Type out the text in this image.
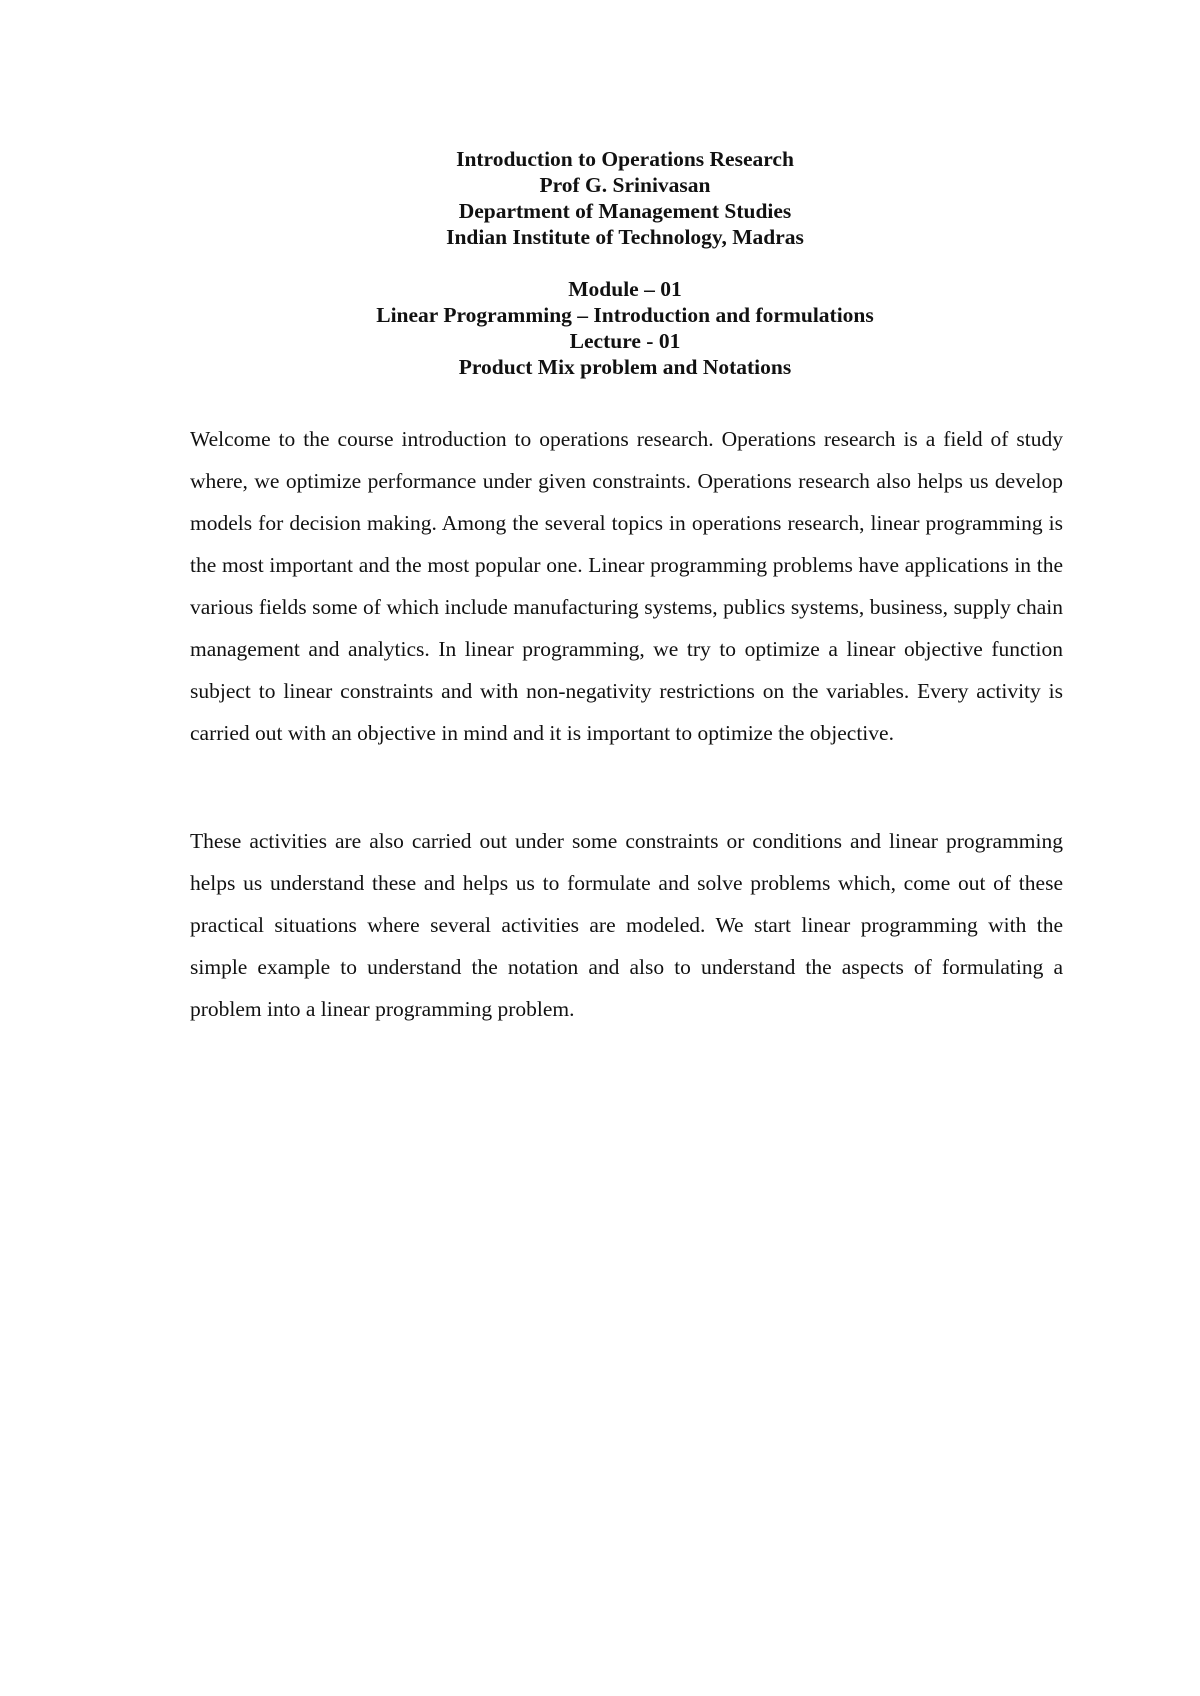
Introduction to Operations Research

Prof G. Srinivasan

Department of Management Studies

Indian Institute of Technology, Madras

Module – 01

Linear Programming – Introduction and formulations

Lecture - 01

Product Mix problem and Notations

Welcome to the course introduction to operations research. Operations research is a field of study where, we optimize performance under given constraints. Operations research also helps us develop models for decision making. Among the several topics in operations research, linear programming is the most important and the most popular one. Linear programming problems have applications in the various fields some of which include manufacturing systems, publics systems, business, supply chain management and analytics. In linear programming, we try to optimize a linear objective function subject to linear constraints and with non-negativity restrictions on the variables. Every activity is carried out with an objective in mind and it is important to optimize the objective.

These activities are also carried out under some constraints or conditions and linear programming helps us understand these and helps us to formulate and solve problems which, come out of these practical situations where several activities are modeled. We start linear programming with the simple example to understand the notation and also to understand the aspects of formulating a problem into a linear programming problem.
